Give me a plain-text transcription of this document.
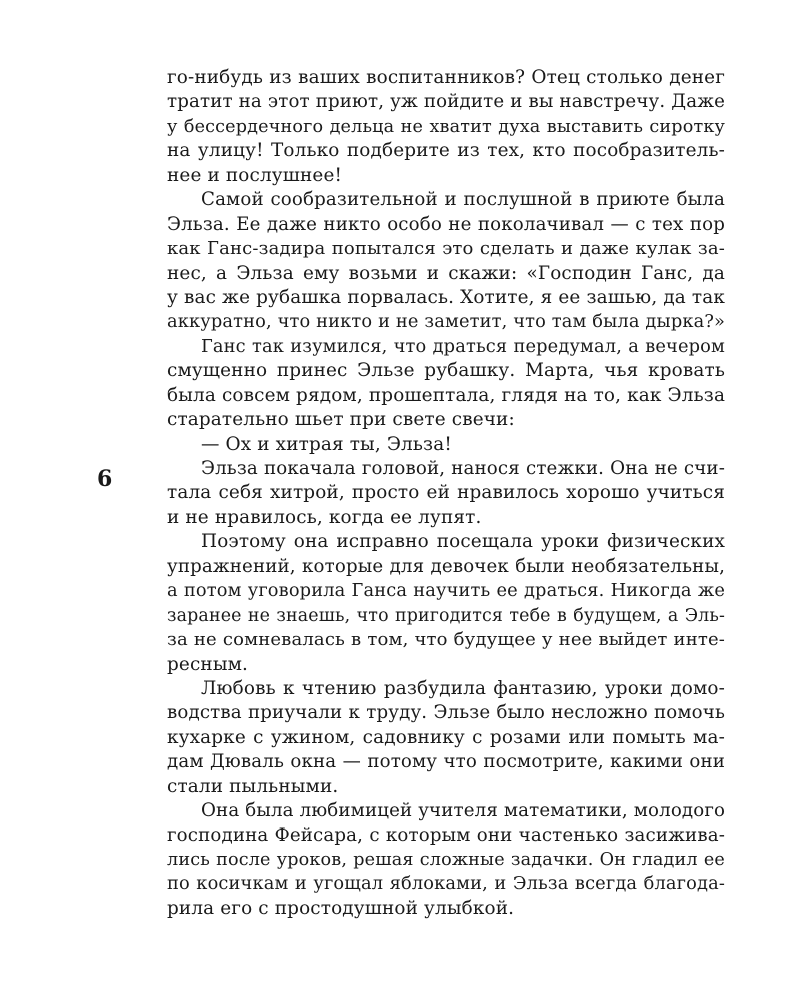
6
го-нибудь из ваших воспитанников? Отец столько денег
тратит на этот приют, уж пойдите и вы навстречу. Даже
у бессердечного дельца не хватит духа выставить сиротку
на улицу! Только подберите из тех, кто пособразитель-
нее и послушнее!
Самой сообразительной и послушной в приюте была
Эльза. Ее даже никто особо не поколачивал — с тех пор
как Ганс-задира попытался это сделать и даже кулак за-
нес, а Эльза ему возьми и скажи: «Господин Ганс, да
у вас же рубашка порвалась. Хотите, я ее зашью, да так
аккуратно, что никто и не заметит, что там была дырка?»
Ганс так изумился, что драться передумал, а вечером
смущенно принес Эльзе рубашку. Марта, чья кровать
была совсем рядом, прошептала, глядя на то, как Эльза
старательно шьет при свете свечи:
— Ох и хитрая ты, Эльза!
Эльза покачала головой, нанося стежки. Она не счи-
тала себя хитрой, просто ей нравилось хорошо учиться
и не нравилось, когда ее лупят.
Поэтому она исправно посещала уроки физических
упражнений, которые для девочек были необязательны,
а потом уговорила Ганса научить ее драться. Никогда же
заранее не знаешь, что пригодится тебе в будущем, а Эль-
за не сомневалась в том, что будущее у нее выйдет инте-
ресным.
Любовь к чтению разбудила фантазию, уроки домо-
водства приучали к труду. Эльзе было несложно помочь
кухарке с ужином, садовнику с розами или помыть ма-
дам Дюваль окна — потому что посмотрите, какими они
стали пыльными.
Она была любимицей учителя математики, молодого
господина Фейсара, с которым они частенько засижива-
лись после уроков, решая сложные задачки. Он гладил ее
по косичкам и угощал яблоками, и Эльза всегда благода-
рила его с простодушной улыбкой.
